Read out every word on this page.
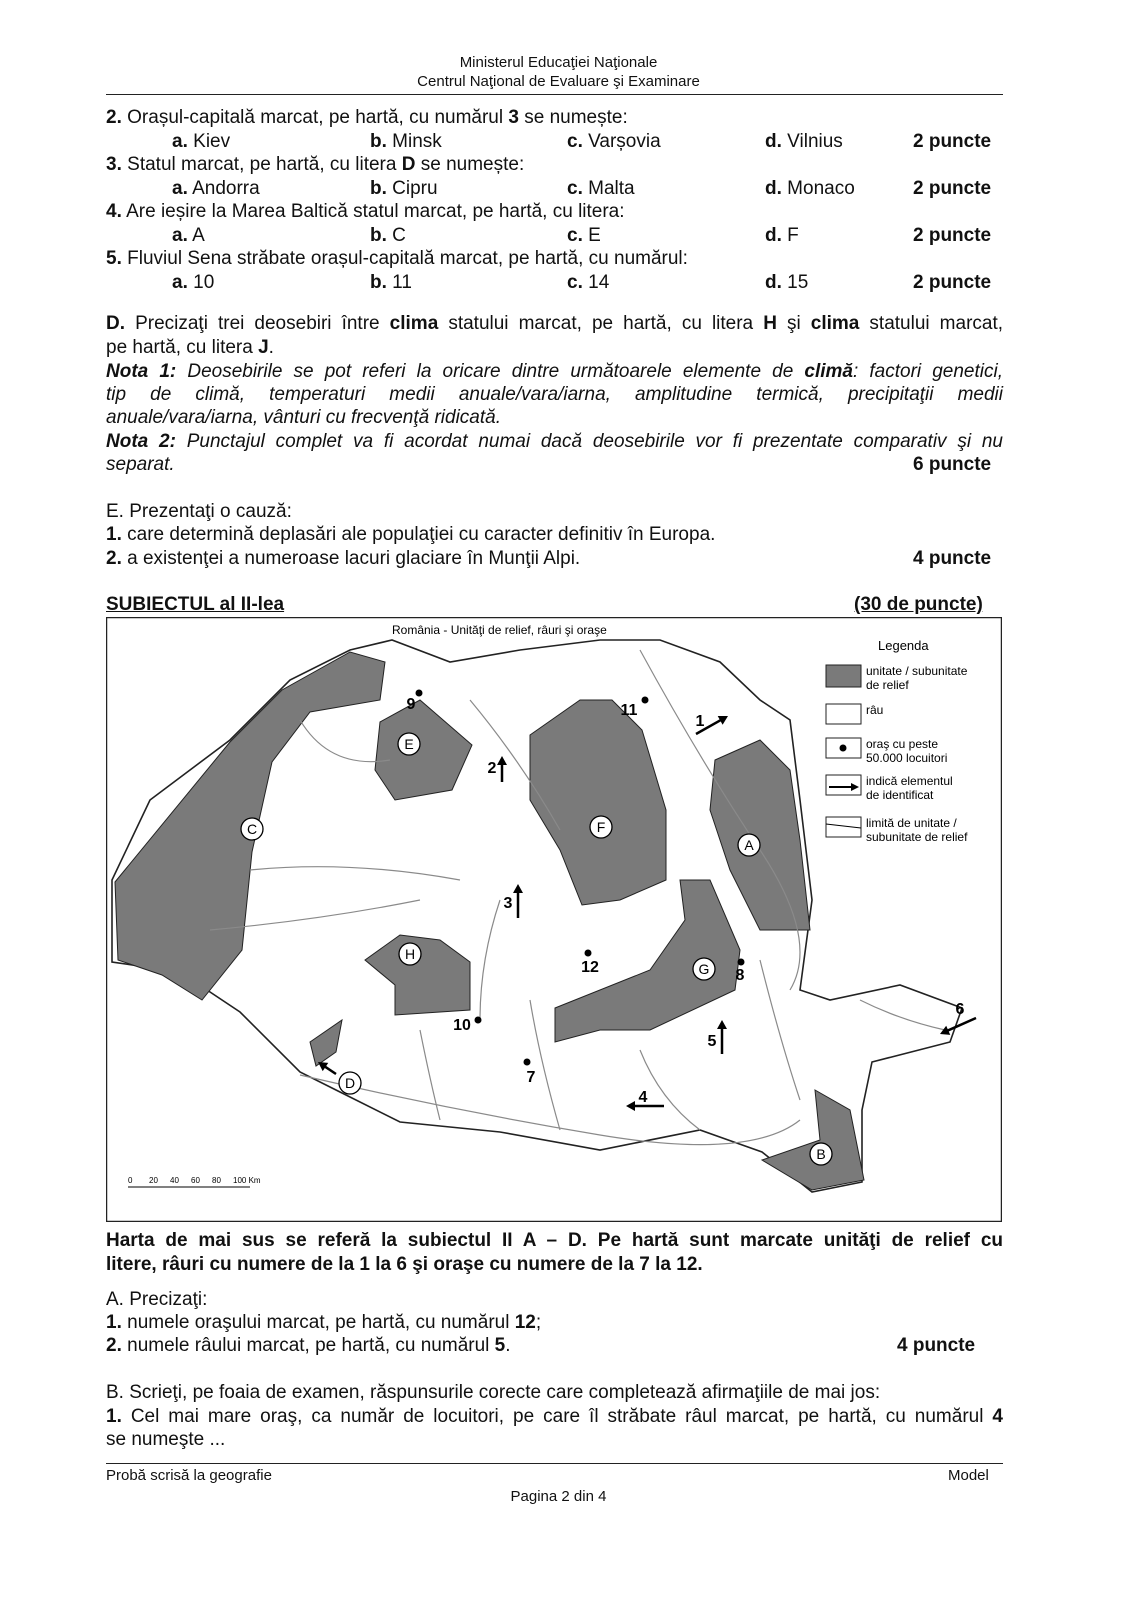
Ministerul Educaţiei Naţionale
Centrul Naţional de Evaluare şi Examinare
2. Orașul-capitală marcat, pe hartă, cu numărul 3 se numește:
a. Kiev	b. Minsk	c. Varșovia	d. Vilnius	2 puncte
3. Statul marcat, pe hartă, cu litera D se numește:
a. Andorra	b. Cipru	c. Malta	d. Monaco	2 puncte
4. Are ieșire la Marea Baltică statul marcat, pe hartă, cu litera:
a. A	b. C	c. E	d. F	2 puncte
5. Fluviul Sena străbate orașul-capitală marcat, pe hartă, cu numărul:
a. 10	b. 11	c. 14	d. 15	2 puncte
D. Precizaţi trei deosebiri între clima statului marcat, pe hartă, cu litera H şi clima statului marcat,
pe hartă, cu litera J.
Nota 1: Deosebirile se pot referi la oricare dintre următoarele elemente de climă: factori genetici,
tip de climă, temperaturi medii anuale/vara/iarna, amplitudine termică, precipitaţii medii
anuale/vara/iarna, vânturi cu frecvenţă ridicată.
Nota 2: Punctajul complet va fi acordat numai dacă deosebirile vor fi prezentate comparativ şi nu
separat.	6 puncte
E. Prezentaţi o cauză:
1. care determină deplasări ale populaţiei cu caracter definitiv în Europa.
2. a existenţei a numeroase lacuri glaciare în Munţii Alpi.	4 puncte
SUBIECTUL al II-lea	(30 de puncte)
România - Unităţi de relief, râuri şi oraşe
A
B
C
D
E
F
G
H
1
2
3
4
5
6
7
8
9
10
11
12
Legenda
unitate / subunitate
de relief
râu
oraş cu peste
50.000 locuitori
indică elementul
de identificat
limită de unitate /
subunitate de relief
0 20 40 60 80 100 Km
Harta de mai sus se referă la subiectul II A – D. Pe hartă sunt marcate unităţi de relief cu
litere, râuri cu numere de la 1 la 6 şi oraşe cu numere de la 7 la 12.
A. Precizaţi:
1. numele oraşului marcat, pe hartă, cu numărul 12;
2. numele râului marcat, pe hartă, cu numărul 5.	4 puncte
B. Scrieţi, pe foaia de examen, răspunsurile corecte care completează afirmaţiile de mai jos:
1. Cel mai mare oraş, ca număr de locuitori, pe care îl străbate râul marcat, pe hartă, cu numărul 4
se numeşte ...
Probă scrisă la geografie	Model
Pagina 2 din 4
